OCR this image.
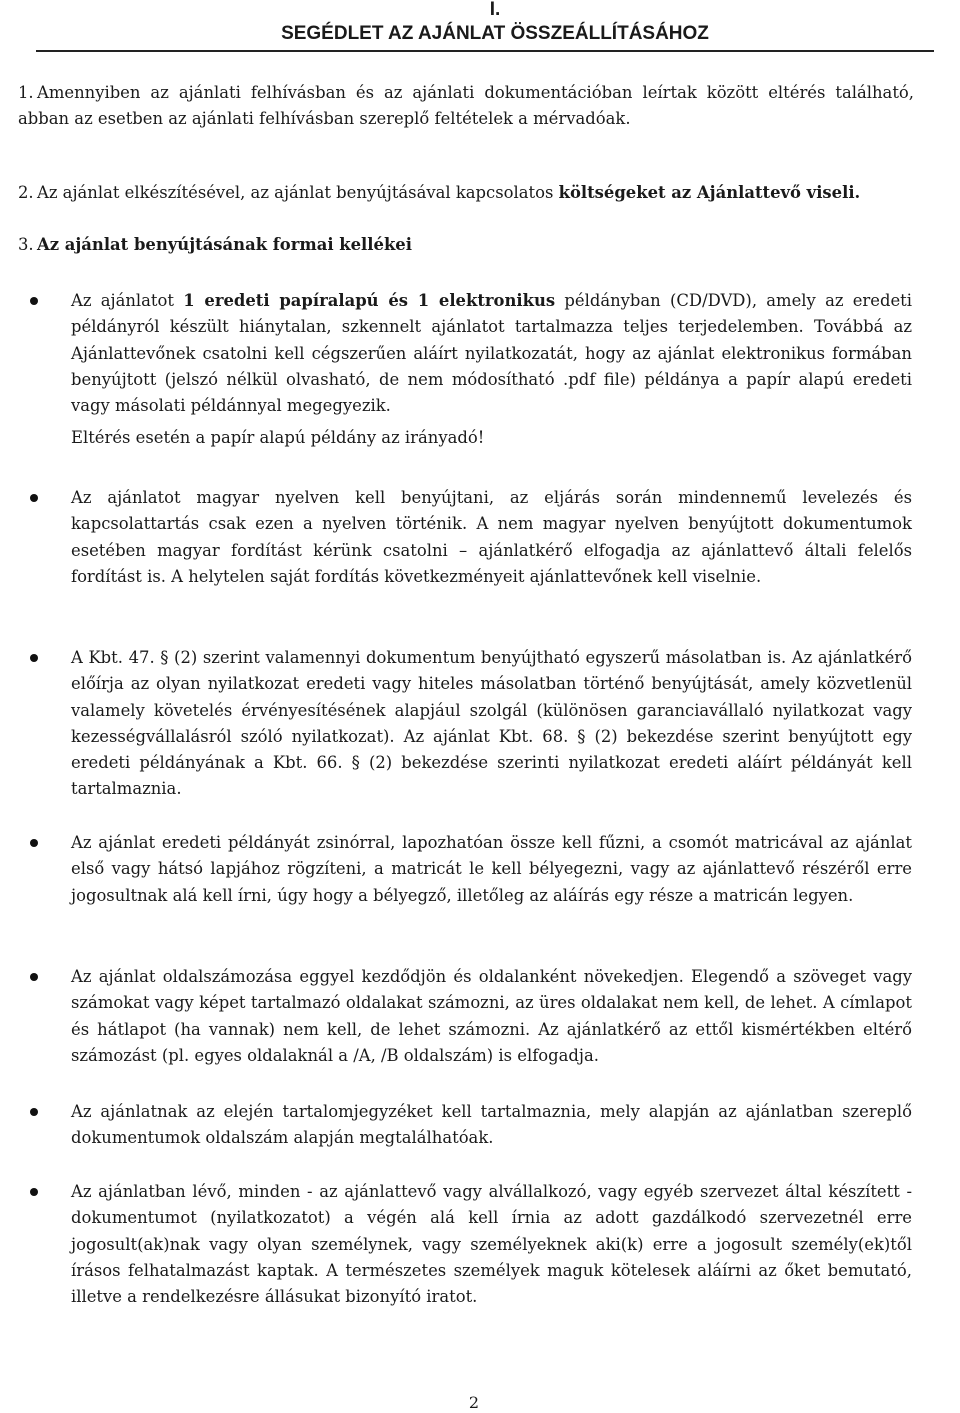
I.
SEGÉDLET AZ AJÁNLAT ÖSSZEÁLLÍTÁSÁHOZ
1. Amennyiben az ajánlati felhívásban és az ajánlati dokumentációban leírtak között eltérés található, abban az esetben az ajánlati felhívásban szereplő feltételek a mérvadóak.
2. Az ajánlat elkészítésével, az ajánlat benyújtásával kapcsolatos költségeket az Ajánlattevő viseli.
3. Az ajánlat benyújtásának formai kellékei

Az ajánlatot 1 eredeti papíralapú és 1 elektronikus példányban (CD/DVD), amely az eredeti példányról készült hiánytalan, szkennelt ajánlatot tartalmazza teljes terjedelemben. Továbbá az Ajánlattevőnek csatolni kell cégszerűen aláírt nyilatkozatát, hogy az ajánlat elektronikus formában benyújtott (jelszó nélkül olvasható, de nem módosítható .pdf file) példánya a papír alapú eredeti vagy másolati példánnyal megegyezik.

Eltérés esetén a papír alapú példány az irányadó!

Az ajánlatot magyar nyelven kell benyújtani, az eljárás során mindennemű levelezés és kapcsolattartás csak ezen a nyelven történik. A nem magyar nyelven benyújtott dokumentumok esetében magyar fordítást kérünk csatolni – ajánlatkérő elfogadja az ajánlattevő általi felelős fordítást is. A helytelen saját fordítás következményeit ajánlattevőnek kell viselnie.
A Kbt. 47. § (2) szerint valamennyi dokumentum benyújtható egyszerű másolatban is. Az ajánlatkérő előírja az olyan nyilatkozat eredeti vagy hiteles másolatban történő benyújtását, amely közvetlenül valamely követelés érvényesítésének alapjául szolgál (különösen garanciavállaló nyilatkozat vagy kezességvállalásról szóló nyilatkozat). Az ajánlat Kbt. 68. § (2) bekezdése szerint benyújtott egy eredeti példányának a Kbt. 66. § (2) bekezdése szerinti nyilatkozat eredeti aláírt példányát kell tartalmaznia.
Az ajánlat eredeti példányát zsinórral, lapozhatóan össze kell fűzni, a csomót matricával az ajánlat első vagy hátsó lapjához rögzíteni, a matricát le kell bélyegezni, vagy az ajánlattevő részéről erre jogosultnak alá kell írni, úgy hogy a bélyegző, illetőleg az aláírás egy része a matricán legyen.
Az ajánlat oldalszámozása eggyel kezdődjön és oldalanként növekedjen. Elegendő a szöveget vagy számokat vagy képet tartalmazó oldalakat számozni, az üres oldalakat nem kell, de lehet. A címlapot és hátlapot (ha vannak) nem kell, de lehet számozni. Az ajánlatkérő az ettől kismértékben eltérő számozást (pl. egyes oldalaknál a /A, /B oldalszám) is elfogadja.
Az ajánlatnak az elején tartalomjegyzéket kell tartalmaznia, mely alapján az ajánlatban szereplő dokumentumok oldalszám alapján megtalálhatóak.
Az ajánlatban lévő, minden - az ajánlattevő vagy alvállalkozó, vagy egyéb szervezet által készített - dokumentumot (nyilatkozatot) a végén alá kell írnia az adott gazdálkodó szervezetnél erre jogosult(ak)nak vagy olyan személynek, vagy személyeknek aki(k) erre a jogosult személy(ek)től írásos felhatalmazást kaptak. A természetes személyek maguk kötelesek aláírni az őket bemutató, illetve a rendelkezésre állásukat bizonyító iratot.
2
